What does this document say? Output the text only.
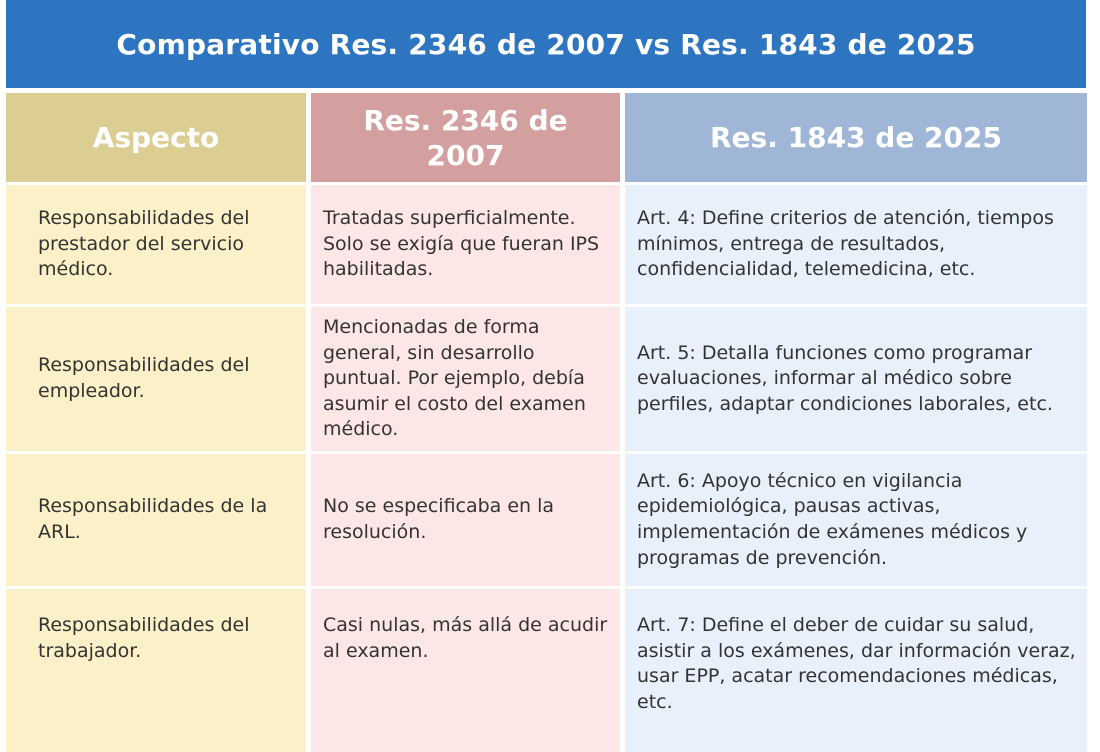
Comparativo Res. 2346 de 2007 vs Res. 1843 de 2025
Aspecto
Res. 2346 de 2007
Res. 1843 de 2025
Responsabilidades del prestador del servicio médico.
Tratadas superficialmente. Solo se exigía que fueran IPS habilitadas.
Art. 4: Define criterios de atención, tiempos mínimos, entrega de resultados, confidencialidad, telemedicina, etc.
Responsabilidades del empleador.
Mencionadas de forma general, sin desarrollo puntual. Por ejemplo, debía asumir el costo del examen médico.
Art. 5: Detalla funciones como programar evaluaciones, informar al médico sobre perfiles, adaptar condiciones laborales, etc.
Responsabilidades de la ARL.
No se especificaba en la resolución.
Art. 6: Apoyo técnico en vigilancia epidemiológica, pausas activas, implementación de exámenes médicos y programas de prevención.
Responsabilidades del trabajador.
Casi nulas, más allá de acudir al examen.
Art. 7: Define el deber de cuidar su salud, asistir a los exámenes, dar información veraz, usar EPP, acatar recomendaciones médicas, etc.
